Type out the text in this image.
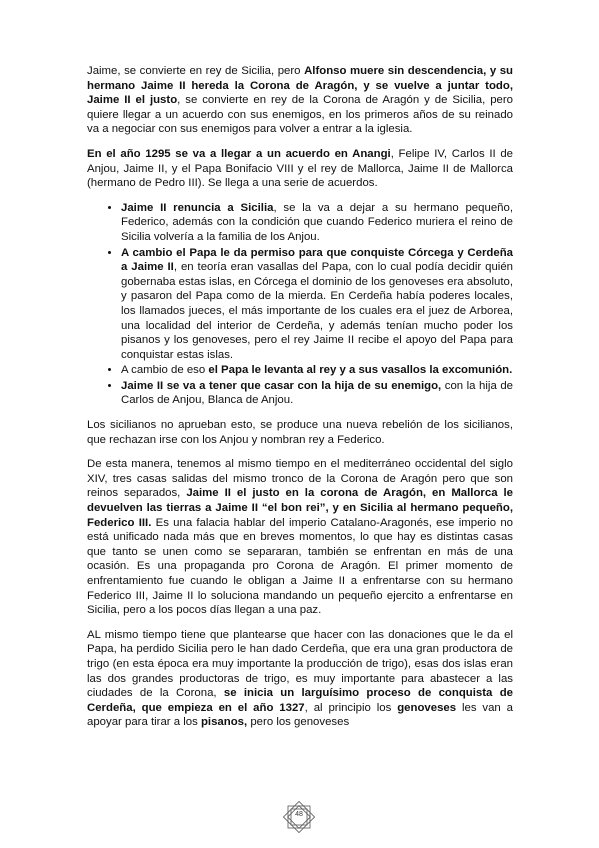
Jaime, se convierte en rey de Sicilia, pero Alfonso muere sin descendencia, y su hermano Jaime II hereda la Corona de Aragón, y se vuelve a juntar todo, Jaime II el justo, se convierte en rey de la Corona de Aragón y de Sicilia, pero quiere llegar a un acuerdo con sus enemigos, en los primeros años de su reinado va a negociar con sus enemigos para volver a entrar a la iglesia.

En el año 1295 se va a llegar a un acuerdo en Anangi, Felipe IV, Carlos II de Anjou, Jaime II, y el Papa Bonifacio VIII y el rey de Mallorca, Jaime II de Mallorca (hermano de Pedro III). Se llega a una serie de acuerdos.

• Jaime II renuncia a Sicilia, se la va a dejar a su hermano pequeño, Federico, además con la condición que cuando Federico muriera el reino de Sicilia volvería a la familia de los Anjou.
• A cambio el Papa le da permiso para que conquiste Córcega y Cerdeña a Jaime II, en teoría eran vasallas del Papa, con lo cual podía decidir quién gobernaba estas islas, en Córcega el dominio de los genoveses era absoluto, y pasaron del Papa como de la mierda. En Cerdeña había poderes locales, los llamados jueces, el más importante de los cuales era el juez de Arborea, una localidad del interior de Cerdeña, y además tenían mucho poder los pisanos y los genoveses, pero el rey Jaime II recibe el apoyo del Papa para conquistar estas islas.
• A cambio de eso el Papa le levanta al rey y a sus vasallos la excomunión.
• Jaime II se va a tener que casar con la hija de su enemigo, con la hija de Carlos de Anjou, Blanca de Anjou.

Los sicilianos no aprueban esto, se produce una nueva rebelión de los sicilianos, que rechazan irse con los Anjou y nombran rey a Federico.

De esta manera, tenemos al mismo tiempo en el mediterráneo occidental del siglo XIV, tres casas salidas del mismo tronco de la Corona de Aragón pero que son reinos separados, Jaime II el justo en la corona de Aragón, en Mallorca le devuelven las tierras a Jaime II “el bon rei”, y en Sicilia al hermano pequeño, Federico III. Es una falacia hablar del imperio Catalano-Aragonés, ese imperio no está unificado nada más que en breves momentos, lo que hay es distintas casas que tanto se unen como se separaran, también se enfrentan en más de una ocasión. Es una propaganda pro Corona de Aragón. El primer momento de enfrentamiento fue cuando le obligan a Jaime II a enfrentarse con su hermano Federico III, Jaime II lo soluciona mandando un pequeño ejercito a enfrentarse en Sicilia, pero a los pocos días llegan a una paz.

AL mismo tiempo tiene que plantearse que hacer con las donaciones que le da el Papa, ha perdido Sicilia pero le han dado Cerdeña, que era una gran productora de trigo (en esta época era muy importante la producción de trigo), esas dos islas eran las dos grandes productoras de trigo, es muy importante para abastecer a las ciudades de la Corona, se inicia un larguísimo proceso de conquista de Cerdeña, que empieza en el año 1327, al principio los genoveses les van a apoyar para tirar a los pisanos, pero los genoveses

48
